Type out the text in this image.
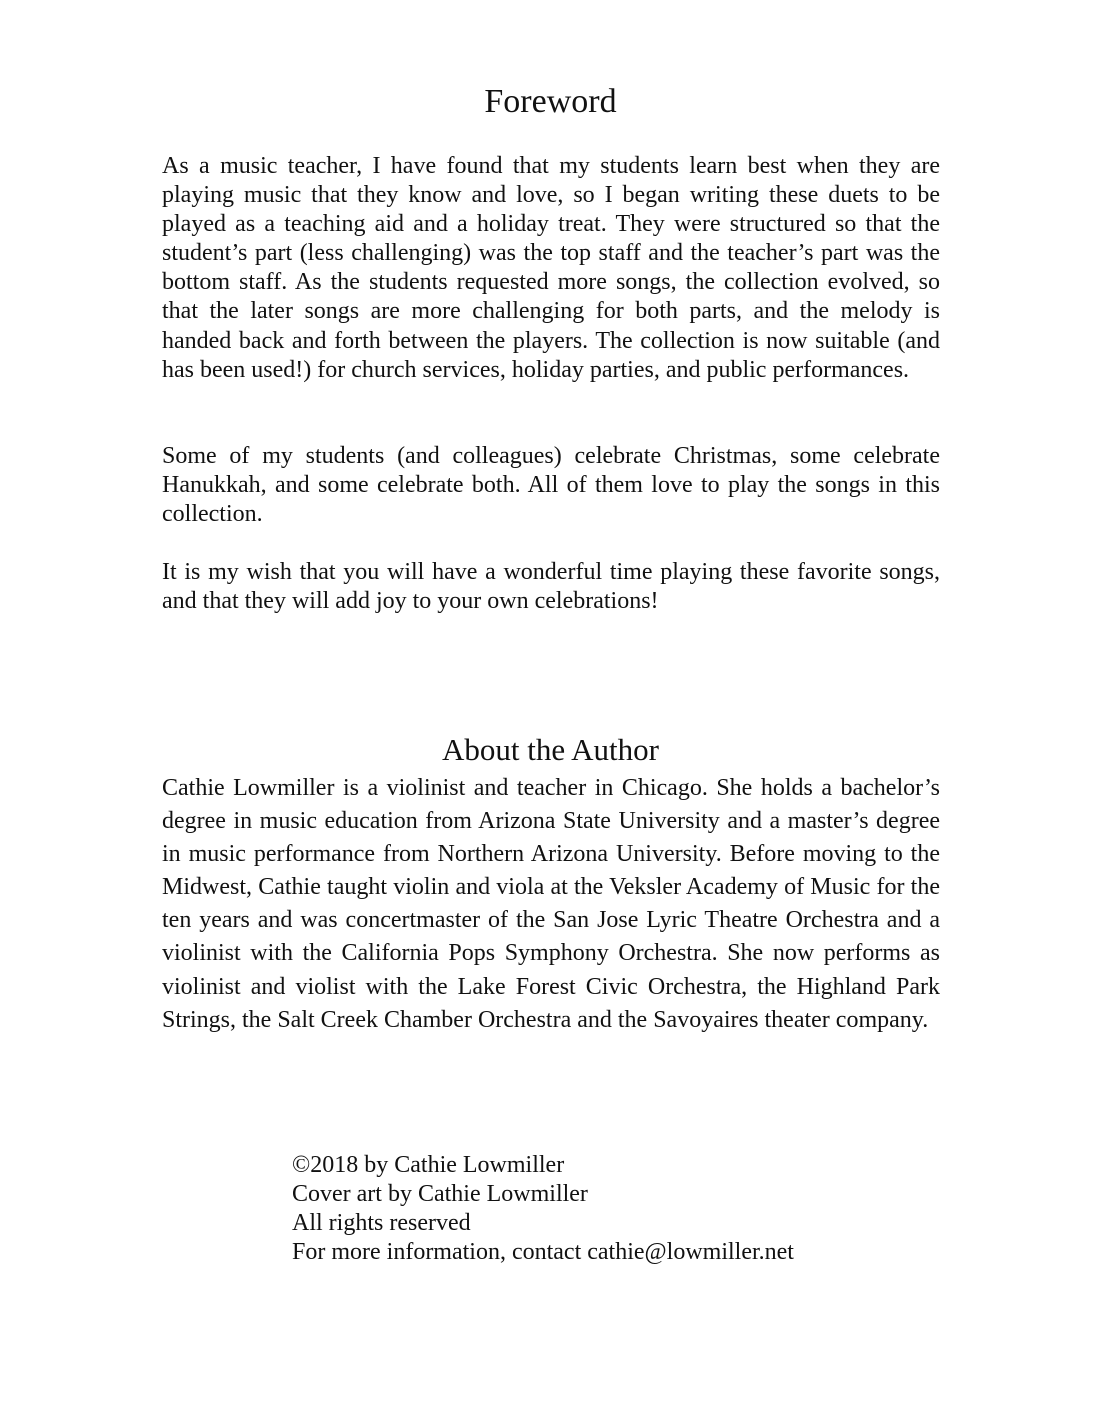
Foreword

As a music teacher, I have found that my students learn best when they are playing music that they know and love, so I began writing these duets to be played as a teaching aid and a holiday treat. They were structured so that the student’s part (less challenging) was the top staff and the teacher’s part was the bottom staff. As the students requested more songs, the collection evolved, so that the later songs are more challenging for both parts, and the melody is handed back and forth between the players. The collection is now suitable (and has been used!) for church services, holiday parties, and public performances.

Some of my students (and colleagues) celebrate Christmas, some celebrate Hanukkah, and some celebrate both. All of them love to play the songs in this collection.

It is my wish that you will have a wonderful time playing these favorite songs, and that they will add joy to your own celebrations!

About the Author

Cathie Lowmiller is a violinist and teacher in Chicago. She holds a bachelor’s degree in music education from Arizona State University and a master’s degree in music performance from Northern Arizona University. Before moving to the Midwest, Cathie taught violin and viola at the Veksler Academy of Music for the ten years and was concertmaster of the San Jose Lyric Theatre Orchestra and a violinist with the California Pops Symphony Orchestra. She now performs as violinist and violist with the Lake Forest Civic Orchestra, the Highland Park Strings, the Salt Creek Chamber Orchestra and the Savoyaires theater company.

©2018 by Cathie Lowmiller
Cover art by Cathie Lowmiller
All rights reserved
For more information, contact cathie@lowmiller.net
